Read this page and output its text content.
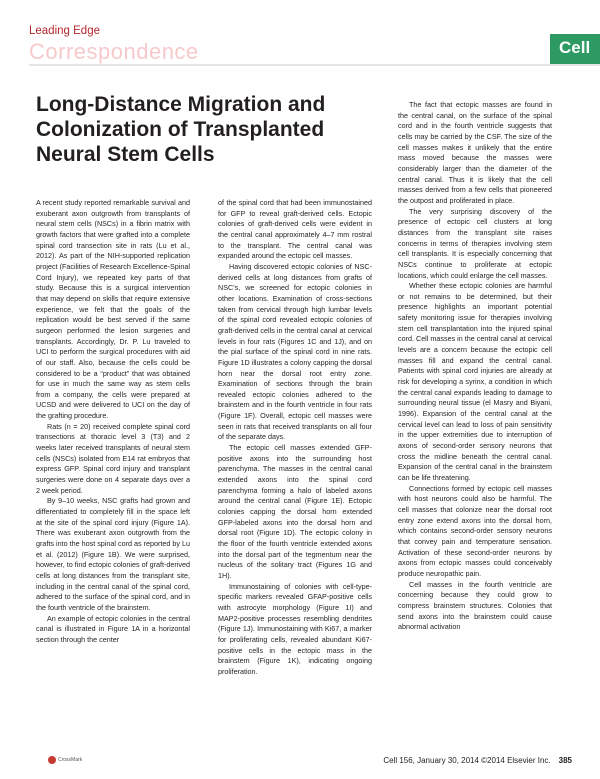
Leading Edge
Correspondence	Cell
Long-Distance Migration and Colonization of Transplanted Neural Stem Cells

A recent study reported remarkable survival and exuberant axon outgrowth from transplants of neural stem cells (NSCs) in a fibrin matrix with growth factors that were grafted into a complete spinal cord transection site in rats (Lu et al., 2012). As part of the NIH-supported replication project (Facilities of Research Excellence-Spinal Cord Injury), we repeated key parts of that study. Because this is a surgical intervention that may depend on skills that require extensive experience, we felt that the goals of the replication would be best served if the same surgeon performed the lesion surgeries and transplants. Accordingly, Dr. P. Lu traveled to UCI to perform the surgical procedures with aid of our staff. Also, because the cells could be considered to be a “product” that was obtained for use in much the same way as stem cells from a company, the cells were prepared at UCSD and were delivered to UCI on the day of the grafting procedure.

Rats (n = 20) received complete spinal cord transections at thoracic level 3 (T3) and 2 weeks later received transplants of neural stem cells (NSCs) isolated from E14 rat embryos that express GFP. Spinal cord injury and transplant surgeries were done on 4 separate days over a 2 week period.

By 9–10 weeks, NSC grafts had grown and differentiated to completely fill in the space left at the site of the spinal cord injury (Figure 1A). There was exuberant axon outgrowth from the grafts into the host spinal cord as reported by Lu et al. (2012) (Figure 1B). We were surprised, however, to find ectopic colonies of graft-derived cells at long distances from the transplant site, including in the central canal of the spinal cord, adhered to the surface of the spinal cord, and in the fourth ventricle of the brainstem.

An example of ectopic colonies in the central canal is illustrated in Figure 1A in a horizontal section through the center

of the spinal cord that had been immunostained for GFP to reveal graft-derived cells. Ectopic colonies of graft-derived cells were evident in the central canal approximately 4–7 mm rostral to the transplant. The central canal was expanded around the ectopic cell masses.

Having discovered ectopic colonies of NSC-derived cells at long distances from grafts of NSC’s, we screened for ectopic colonies in other locations. Examination of cross-sections taken from cervical through high lumbar levels of the spinal cord revealed ectopic colonies of graft-derived cells in the central canal at cervical levels in four rats (Figures 1C and 1J), and on the pial surface of the spinal cord in nine rats. Figure 1D illustrates a colony capping the dorsal horn near the dorsal root entry zone. Examination of sections through the brain revealed ectopic colonies adhered to the brainstem and in the fourth ventricle in four rats (Figure 1F). Overall, ectopic cell masses were seen in rats that received transplants on all four of the separate days.

The ectopic cell masses extended GFP-positive axons into the surrounding host parenchyma. The masses in the central canal extended axons into the spinal cord parenchyma forming a halo of labeled axons around the central canal (Figure 1E). Ectopic colonies capping the dorsal horn extended GFP-labeled axons into the dorsal horn and dorsal root (Figure 1D). The ectopic colony in the floor of the fourth ventricle extended axons into the dorsal part of the tegmentum near the nucleus of the solitary tract (Figures 1G and 1H).

Immunostaining of colonies with cell-type-specific markers revealed GFAP-positive cells with astrocyte morphology (Figure 1I) and MAP2-positive processes resembling dendrites (Figure 1J). Immunostaining with Ki67, a marker for proliferating cells, revealed abundant Ki67-positive cells in the ectopic mass in the brainstem (Figure 1K), indicating ongoing proliferation.

The fact that ectopic masses are found in the central canal, on the surface of the spinal cord and in the fourth ventricle suggests that cells may be carried by the CSF. The size of the cell masses makes it unlikely that the entire mass moved because the masses were considerably larger than the diameter of the central canal. Thus it is likely that the cell masses derived from a few cells that pioneered the outpost and proliferated in place.

The very surprising discovery of the presence of ectopic cell clusters at long distances from the transplant site raises concerns in terms of therapies involving stem cell transplants. It is especially concerning that NSCs continue to proliferate at ectopic locations, which could enlarge the cell masses.

Whether these ectopic colonies are harmful or not remains to be determined, but their presence highlights an important potential safety monitoring issue for therapies involving stem cell transplantation into the injured spinal cord. Cell masses in the central canal at cervical levels are a concern because the ectopic cell masses fill and expand the central canal. Patients with spinal cord injuries are already at risk for developing a syrinx, a condition in which the central canal expands leading to damage to surrounding neural tissue (el Masry and Biyani, 1996). Expansion of the central canal at the cervical level can lead to loss of pain sensitivity in the upper extremities due to interruption of axons of second-order sensory neurons that cross the midline beneath the central canal. Expansion of the central canal in the brainstem can be life threatening.

Connections formed by ectopic cell masses with host neurons could also be harmful. The cell masses that colonize near the dorsal root entry zone extend axons into the dorsal horn, which contains second-order sensory neurons that convey pain and temperature sensation. Activation of these second-order neurons by axons from ectopic masses could conceivably produce neuropathic pain.

Cell masses in the fourth ventricle are concerning because they could grow to compress brainstem structures. Colonies that send axons into the brainstem could cause abnormal activation

CrossMark	Cell 156, January 30, 2014 ©2014 Elsevier Inc. 385
